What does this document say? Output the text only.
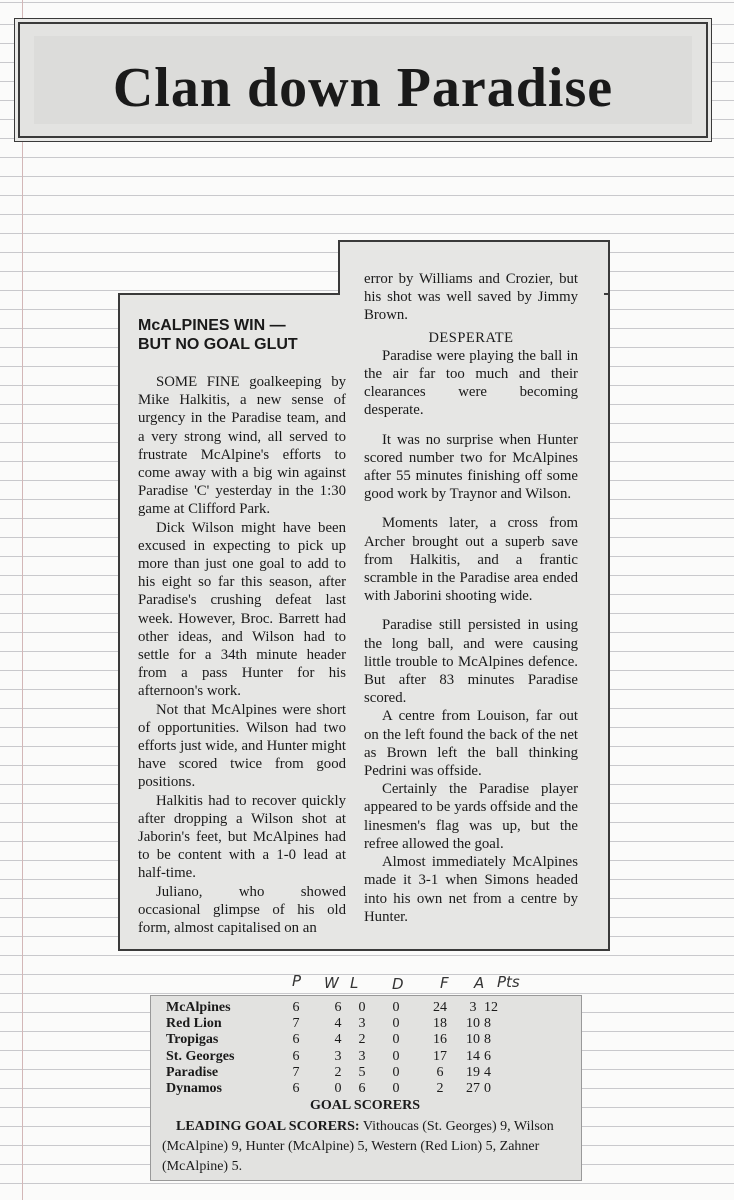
Clan down Paradise
McALPINES WIN —
BUT NO GOAL GLUT

SOME FINE goalkeeping by Mike Halkitis, a new sense of urgency in the Paradise team, and a very strong wind, all served to frustrate McAlpine's efforts to come away with a big win against Paradise 'C' yesterday in the 1:30 game at Clifford Park.

Dick Wilson might have been excused in expecting to pick up more than just one goal to add to his eight so far this season, after Paradise's crushing defeat last week. However, Broc. Barrett had other ideas, and Wilson had to settle for a 34th minute header from a pass Hunter for his afternoon's work.

Not that McAlpines were short of opportunities. Wilson had two efforts just wide, and Hunter might have scored twice from good positions.

Halkitis had to recover quickly after dropping a Wilson shot at Jaborin's feet, but McAlpines had to be content with a 1-0 lead at half-time.

Juliano, who showed occasional glimpse of his old form, almost capitalised on an

error by Williams and Crozier, but his shot was well saved by Jimmy Brown.

DESPERATE

Paradise were playing the ball in the air far too much and their clearances were becoming desperate.

It was no surprise when Hunter scored number two for McAlpines after 55 minutes finishing off some good work by Traynor and Wilson.

Moments later, a cross from Archer brought out a superb save from Halkitis, and a frantic scramble in the Paradise area ended with Jaborini shooting wide.

Paradise still persisted in using the long ball, and were causing little trouble to McAlpines defence. But after 83 minutes Paradise scored.

A centre from Louison, far out on the left found the back of the net as Brown left the ball thinking Pedrini was offside.

Certainly the Paradise player appeared to be yards offside and the linesmen's flag was up, but the refree allowed the goal.

Almost immediately McAlpines made it 3-1 when Simons headed into his own net from a centre by Hunter.

P W L D F A Pts
McAlpines	6	6	0	0	24	3	12
Red Lion	7	4	3	0	18	10	8
Tropigas	6	4	2	0	16	10	8
St. Georges	6	3	3	0	17	14	6
Paradise	7	2	5	0	6	19	4
Dynamos	6	0	6	0	2	27	0
GOAL SCORERS
LEADING GOAL SCORERS: Vithoucas (St. Georges) 9, Wilson (McAlpine) 9, Hunter (McAlpine) 5, Western (Red Lion) 5, Zahner (McAlpine) 5.
